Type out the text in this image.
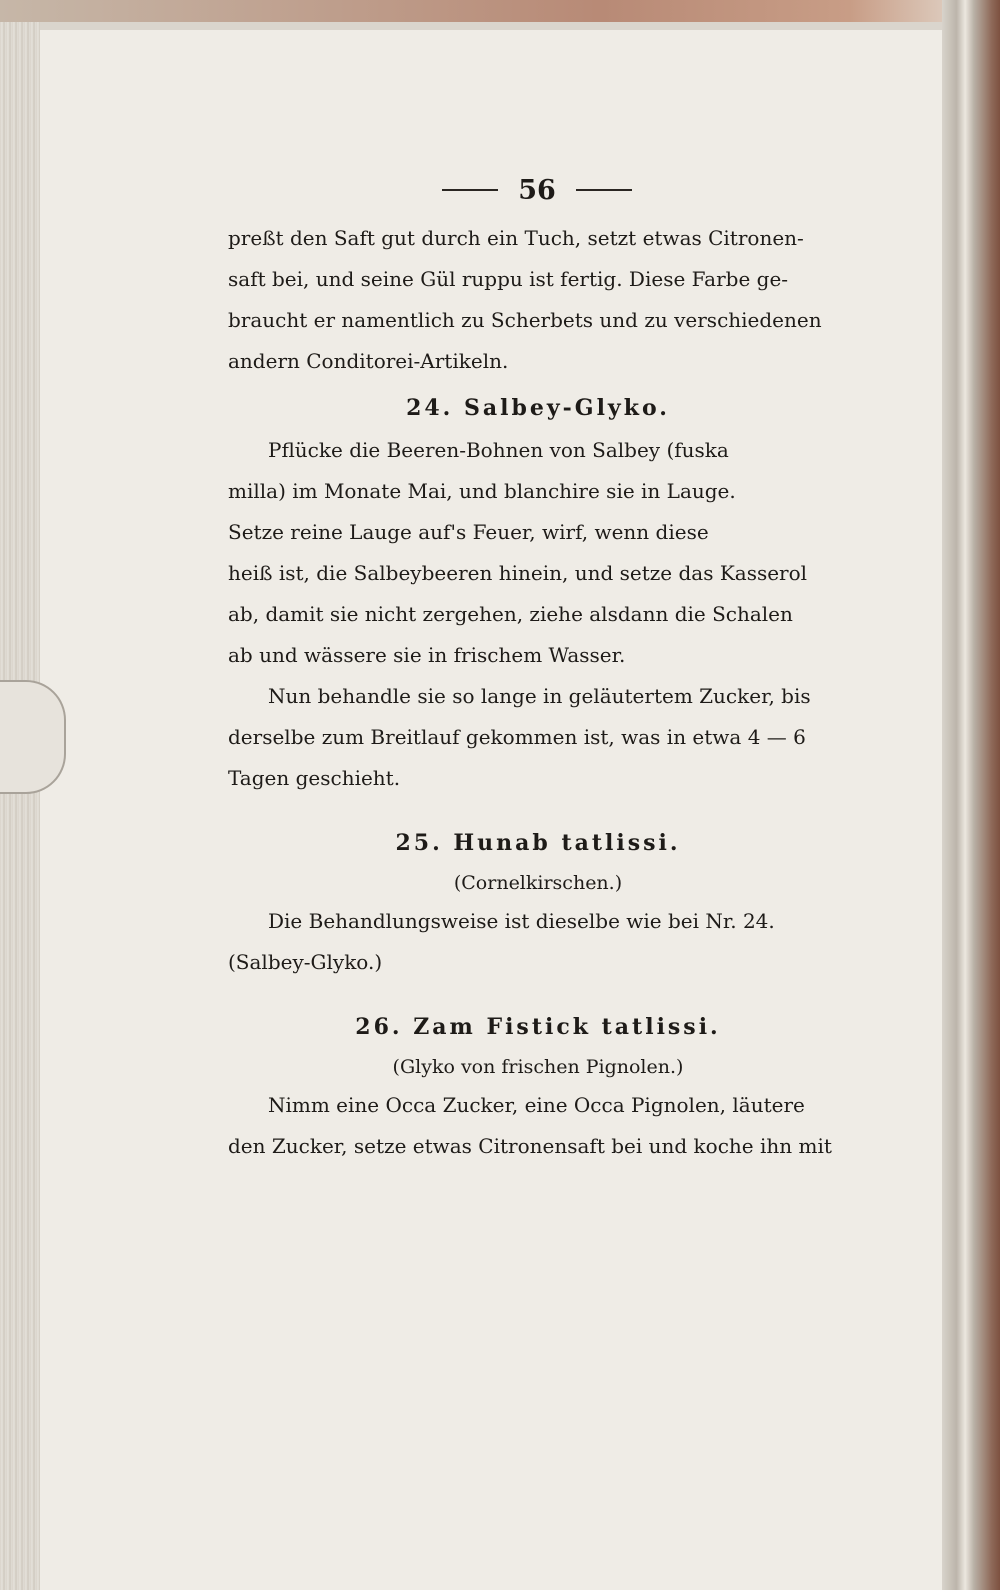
56
preßt den Saft gut durch ein Tuch, setzt etwas Citronen-
saft bei, und seine Gül ruppu ist fertig. Diese Farbe ge-
braucht er namentlich zu Scherbets und zu verschiedenen
andern Conditorei-Artikeln.
24. Salbey-Glyko.
Pflücke die Beeren-Bohnen von Salbey (fuska
milla) im Monate Mai, und blanchire sie in Lauge.
Setze reine Lauge auf's Feuer, wirf, wenn diese
heiß ist, die Salbeybeeren hinein, und setze das Kasserol
ab, damit sie nicht zergehen, ziehe alsdann die Schalen
ab und wässere sie in frischem Wasser.
Nun behandle sie so lange in geläutertem Zucker, bis
derselbe zum Breitlauf gekommen ist, was in etwa 4 — 6
Tagen geschieht.
25. Hunab tatlissi.
(Cornelkirschen.)
Die Behandlungsweise ist dieselbe wie bei Nr. 24.
(Salbey-Glyko.)
26. Zam Fistick tatlissi.
(Glyko von frischen Pignolen.)
Nimm eine Occa Zucker, eine Occa Pignolen, läutere
den Zucker, setze etwas Citronensaft bei und koche ihn mit
